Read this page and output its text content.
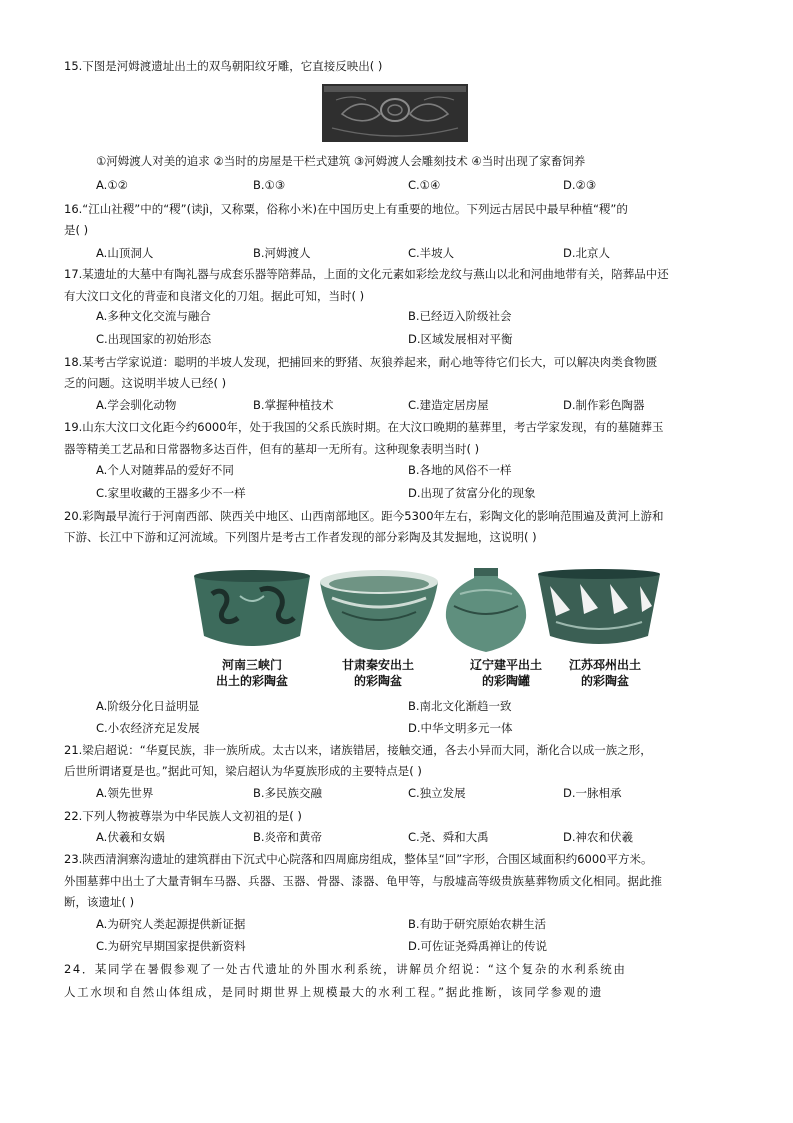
15.下图是河姆渡遗址出土的双鸟朝阳纹牙雕，它直接反映出( )
①河姆渡人对美的追求 ②当时的房屋是干栏式建筑 ③河姆渡人会雕刻技术 ④当时出现了家畜饲养
A.①②	B.①③	C.①④	D.②③
16.“江山社稷”中的“稷”(读jì，又称粟，俗称小米)在中国历史上有重要的地位。下列远古居民中最早种植“稷”的
是( )
A.山顶洞人	B.河姆渡人	C.半坡人	D.北京人
17.某遗址的大墓中有陶礼器与成套乐器等陪葬品，上面的文化元素如彩绘龙纹与燕山以北和河曲地带有关，陪葬品中还
有大汶口文化的背壶和良渚文化的刀俎。据此可知，当时( )
A.多种文化交流与融合	B.已经迈入阶级社会
C.出现国家的初始形态	D.区域发展相对平衡
18.某考古学家说道：聪明的半坡人发现，把捕回来的野猪、灰狼养起来，耐心地等待它们长大，可以解决肉类食物匮
乏的问题。这说明半坡人已经( )
A.学会驯化动物	B.掌握种植技术	C.建造定居房屋	D.制作彩色陶器
19.山东大汶口文化距今约6000年，处于我国的父系氏族时期。在大汶口晚期的墓葬里，考古学家发现，有的墓随葬玉
器等精美工艺品和日常器物多达百件，但有的墓却一无所有。这种现象表明当时( )
A.个人对随葬品的爱好不同	B.各地的风俗不一样
C.家里收藏的王器多少不一样	D.出现了贫富分化的现象
20.彩陶最早流行于河南西部、陕西关中地区、山西南部地区。距今5300年左右，彩陶文化的影响范围遍及黄河上游和
下游、长江中下游和辽河流域。下列图片是考古工作者发现的部分彩陶及其发掘地，这说明( )
河南三峡门
出土的彩陶盆
甘肃秦安出土
的彩陶盆
辽宁建平出土
的彩陶罐
江苏邳州出土
的彩陶盆
A.阶级分化日益明显	B.南北文化渐趋一致
C.小农经济充足发展	D.中华文明多元一体
21.梁启超说：“华夏民族，非一族所成。太古以来，诸族错居，接触交通，各去小异而大同，渐化合以成一族之形，
后世所谓诸夏是也。”据此可知，梁启超认为华夏族形成的主要特点是( )
A.领先世界	B.多民族交融	C.独立发展	D.一脉相承
22.下列人物被尊崇为中华民族人文初祖的是( )
A.伏羲和女娲	B.炎帝和黄帝	C.尧、舜和大禹	D.神农和伏羲
23.陕西清涧寨沟遗址的建筑群由下沉式中心院落和四周廊房组成，整体呈“回”字形，合围区域面积约6000平方米。
外围墓葬中出土了大量青铜车马器、兵器、玉器、骨器、漆器、龟甲等，与殷墟高等级贵族墓葬物质文化相同。据此推
断，该遗址( )
A.为研究人类起源提供新证据	B.有助于研究原始农耕生活
C.为研究早期国家提供新资料	D.可佐证尧舜禹禅让的传说
24．某同学在暑假参观了一处古代遗址的外围水利系统，讲解员介绍说：“这个复杂的水利系统由
人工水坝和自然山体组成，是同时期世界上规模最大的水利工程。”据此推断，该同学参观的遗
